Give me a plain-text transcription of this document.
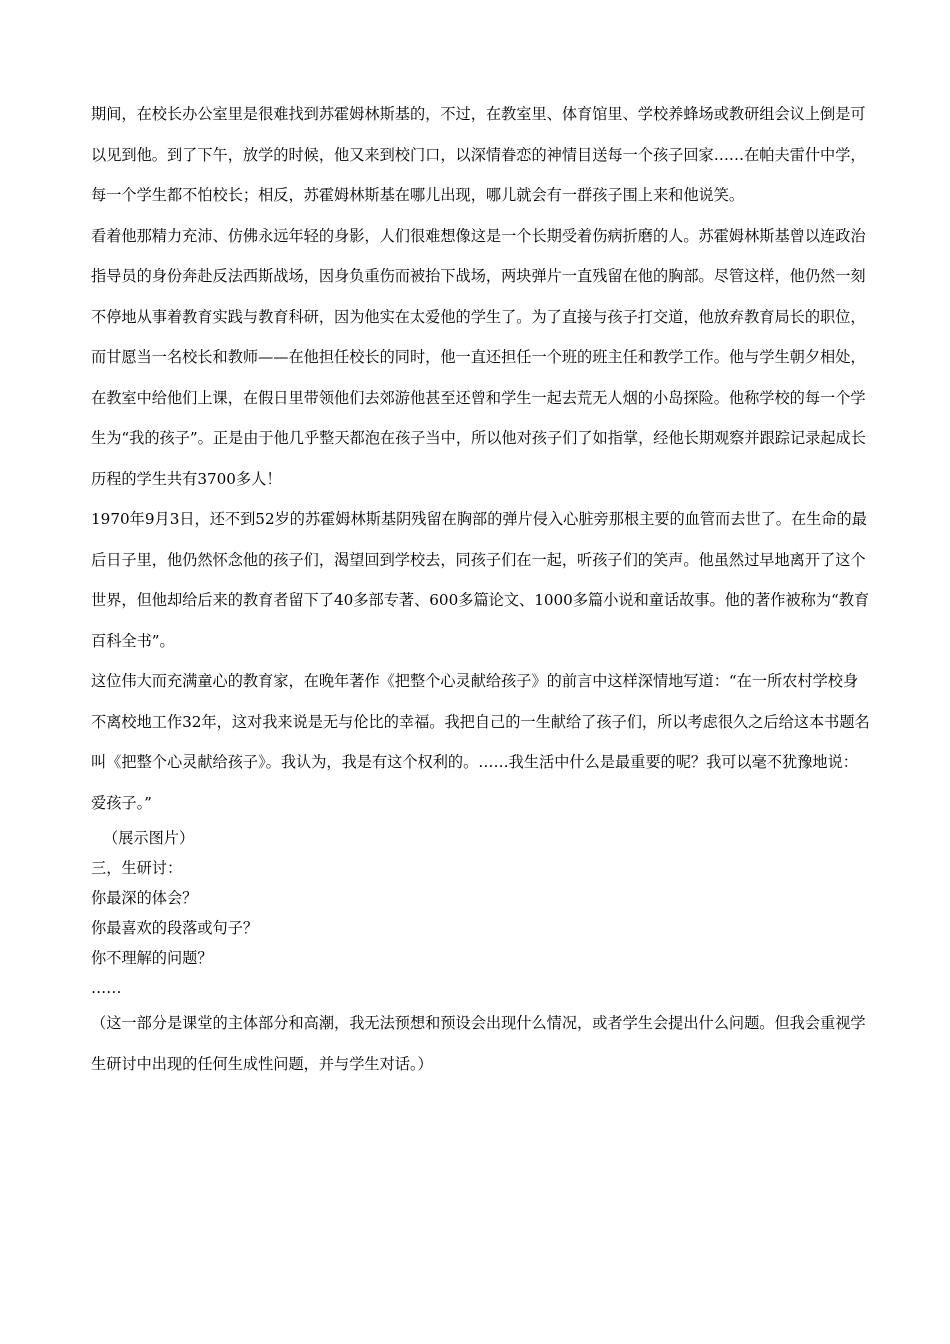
期间，在校长办公室里是很难找到苏霍姆林斯基的，不过，在教室里、体育馆里、学校养蜂场或教研组会议上倒是可以见到他。到了下午，放学的时候，他又来到校门口，以深情眷恋的神情目送每一个孩子回家……在帕夫雷什中学，每一个学生都不怕校长；相反，苏霍姆林斯基在哪儿出现，哪儿就会有一群孩子围上来和他说笑。

看着他那精力充沛、仿佛永远年轻的身影，人们很难想像这是一个长期受着伤病折磨的人。苏霍姆林斯基曾以连政治指导员的身份奔赴反法西斯战场，因身负重伤而被抬下战场，两块弹片一直残留在他的胸部。尽管这样，他仍然一刻不停地从事着教育实践与教育科研，因为他实在太爱他的学生了。为了直接与孩子打交道，他放弃教育局长的职位，而甘愿当一名校长和教师——在他担任校长的同时，他一直还担任一个班的班主任和教学工作。他与学生朝夕相处，在教室中给他们上课，在假日里带领他们去郊游他甚至还曾和学生一起去荒无人烟的小岛探险。他称学校的每一个学生为“我的孩子”。正是由于他几乎整天都泡在孩子当中，所以他对孩子们了如指掌，经他长期观察并跟踪记录起成长历程的学生共有3700多人！

1970年9月3日，还不到52岁的苏霍姆林斯基阴残留在胸部的弹片侵入心脏旁那根主要的血管而去世了。在生命的最后日子里，他仍然怀念他的孩子们，渴望回到学校去，同孩子们在一起，听孩子们的笑声。他虽然过早地离开了这个世界，但他却给后来的教育者留下了40多部专著、600多篇论文、1000多篇小说和童话故事。他的著作被称为“教育百科全书”。

这位伟大而充满童心的教育家，在晚年著作《把整个心灵献给孩子》的前言中这样深情地写道：“在一所农村学校身不离校地工作32年，这对我来说是无与伦比的幸福。我把自己的一生献给了孩子们，所以考虑很久之后给这本书题名叫《把整个心灵献给孩子》。我认为，我是有这个权利的。……我生活中什么是最重要的呢？我可以毫不犹豫地说：爱孩子。”

（展示图片）

三，生研讨：

你最深的体会？

你最喜欢的段落或句子？

你不理解的问题？

……

（这一部分是课堂的主体部分和高潮，我无法预想和预设会出现什么情况，或者学生会提出什么问题。但我会重视学生研讨中出现的任何生成性问题，并与学生对话。）
